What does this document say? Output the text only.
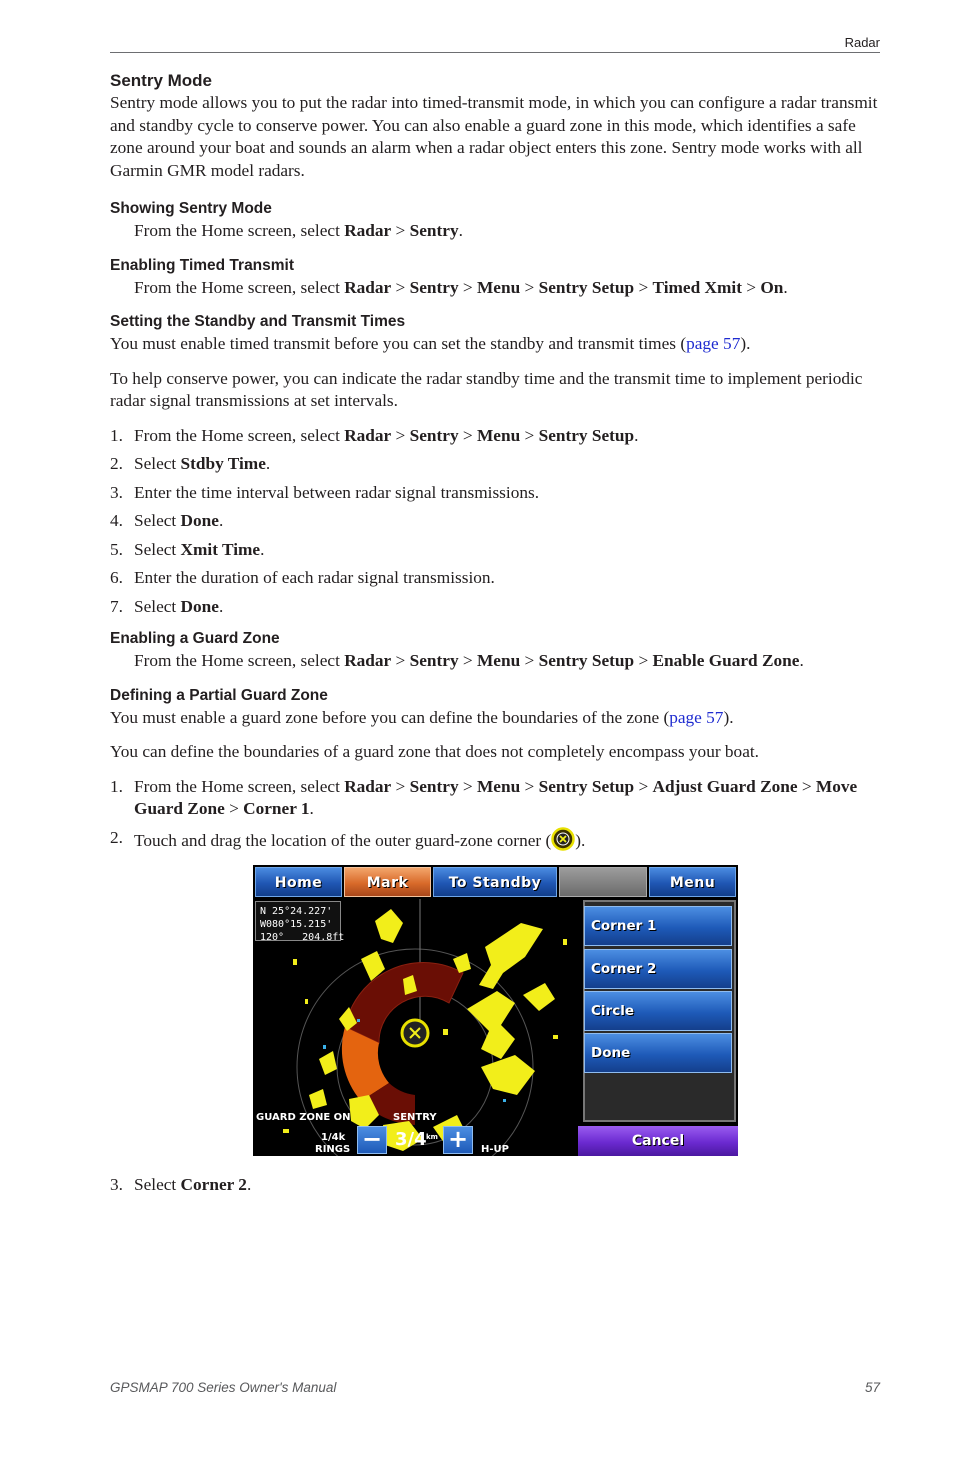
Radar
Sentry Mode

Sentry mode allows you to put the radar into timed-transmit mode, in which you can configure a radar transmit and standby cycle to conserve power. You can also enable a guard zone in this mode, which identifies a safe zone around your boat and sounds an alarm when a radar object enters this zone. Sentry mode works with all Garmin GMR model radars.

Showing Sentry Mode

From the Home screen, select Radar > Sentry.

Enabling Timed Transmit

From the Home screen, select Radar > Sentry > Menu > Sentry Setup > Timed Xmit > On.

Setting the Standby and Transmit Times

You must enable timed transmit before you can set the standby and transmit times (page 57).

To help conserve power, you can indicate the radar standby time and the transmit time to implement periodic radar signal transmissions at set intervals.

1. From the Home screen, select Radar > Sentry > Menu > Sentry Setup.
2. Select Stdby Time.
3. Enter the time interval between radar signal transmissions.
4. Select Done.
5. Select Xmit Time.
6. Enter the duration of each radar signal transmission.
7. Select Done.
Enabling a Guard Zone

From the Home screen, select Radar > Sentry > Menu > Sentry Setup > Enable Guard Zone.

Defining a Partial Guard Zone

You must enable a guard zone before you can define the boundaries of the zone (page 57).

You can define the boundaries of a guard zone that does not completely encompass your boat.

1. From the Home screen, select Radar > Sentry > Menu > Sentry Setup > Adjust Guard Zone > Move Guard Zone > Corner 1.
2. Touch and drag the location of the outer guard-zone corner ( ).
Home	Mark	To Standby	Menu
N 25°24.227'
W080°15.215'
120° 204.8ft
GUARD ZONE ON	SENTRY
1/4k
RINGS − 3/4 km +	H-UP
Corner 1
Corner 2
Circle
Done
Cancel
3. Select Corner 2.
GPSMAP 700 Series Owner's Manual	57
